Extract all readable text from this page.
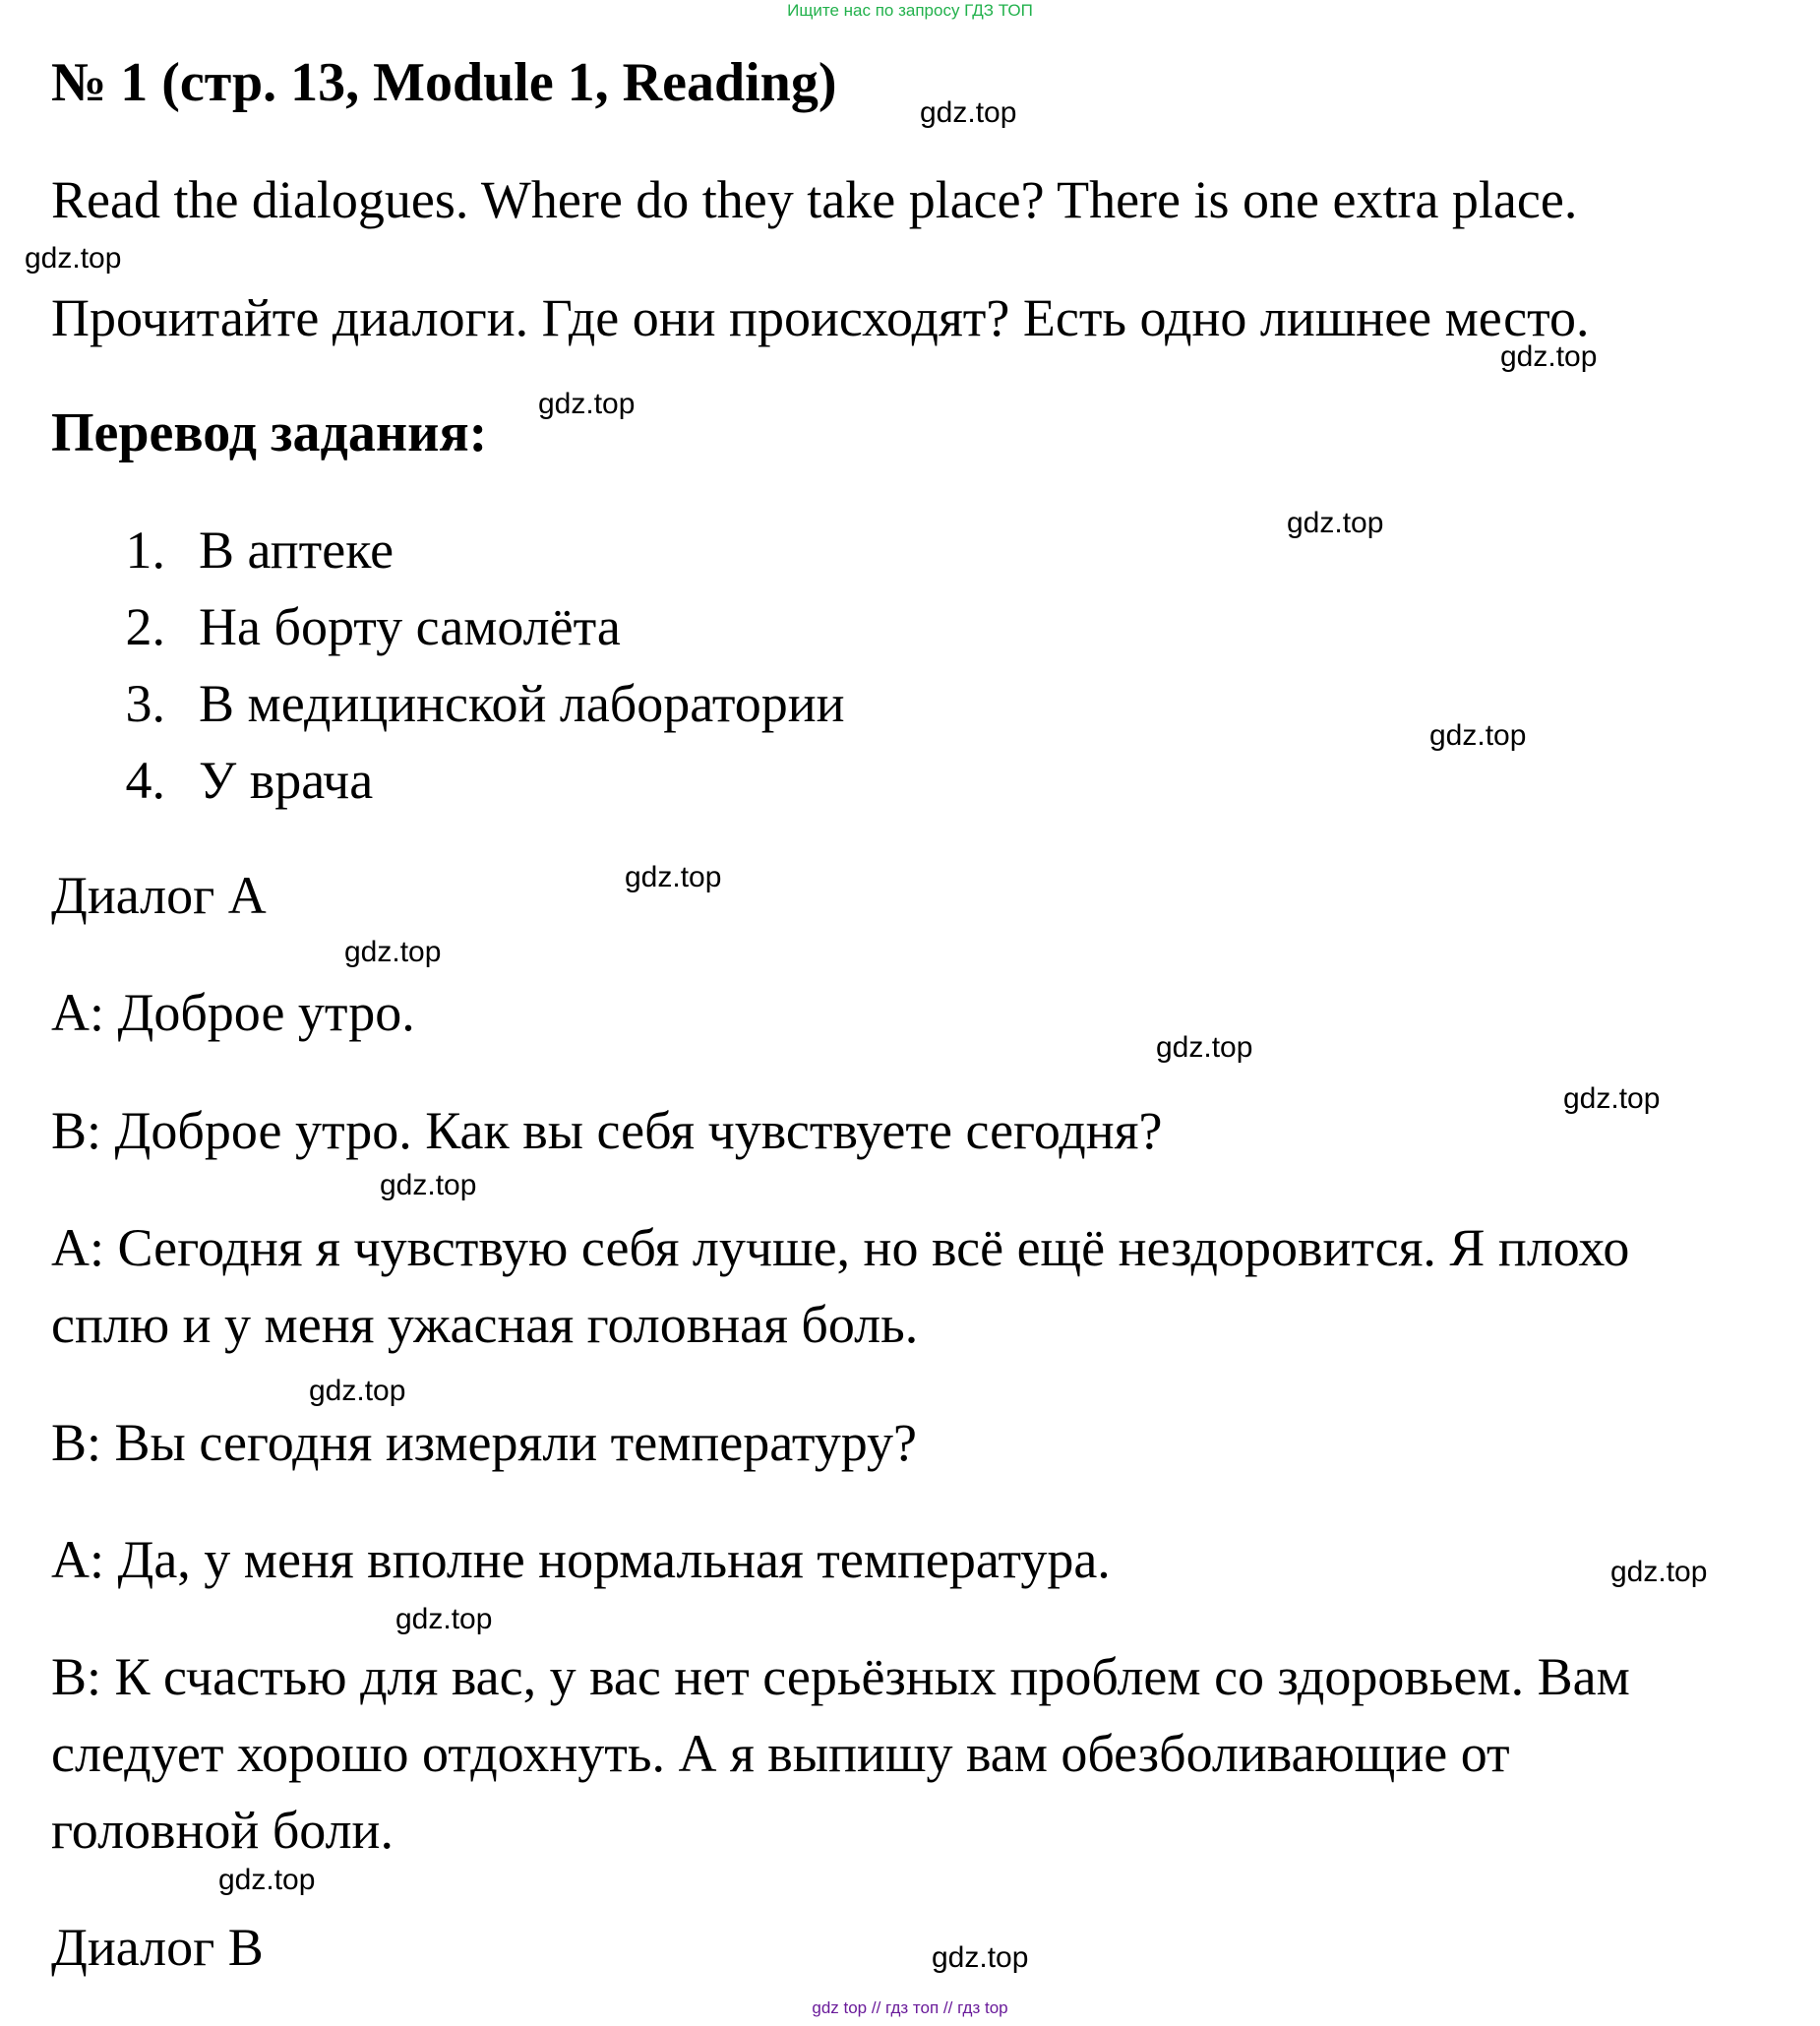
Ищите нас по запросу ГДЗ ТОП
№ 1 (стр. 13, Module 1, Reading)
Read the dialogues. Where do they take place? There is one extra place.
Прочитайте диалоги. Где они происходят? Есть одно лишнее место.
Перевод задания:
1. В аптеке
2. На борту самолёта
3. В медицинской лаборатории
4. У врача
Диалог А
А: Доброе утро.
В: Доброе утро. Как вы себя чувствуете сегодня?
А: Сегодня я чувствую себя лучше, но всё ещё нездоровится. Я плохо
сплю и у меня ужасная головная боль.
В: Вы сегодня измеряли температуру?
А: Да, у меня вполне нормальная температура.
В: К счастью для вас, у вас нет серьёзных проблем со здоровьем. Вам
следует хорошо отдохнуть. А я выпишу вам обезболивающие от
головной боли.
Диалог В
gdz.top
gdz.top
gdz.top
gdz.top
gdz.top
gdz.top
gdz.top
gdz.top
gdz.top
gdz.top
gdz.top
gdz.top
gdz.top
gdz.top
gdz.top
gdz.top
gdz top // гдз топ // гдз top
